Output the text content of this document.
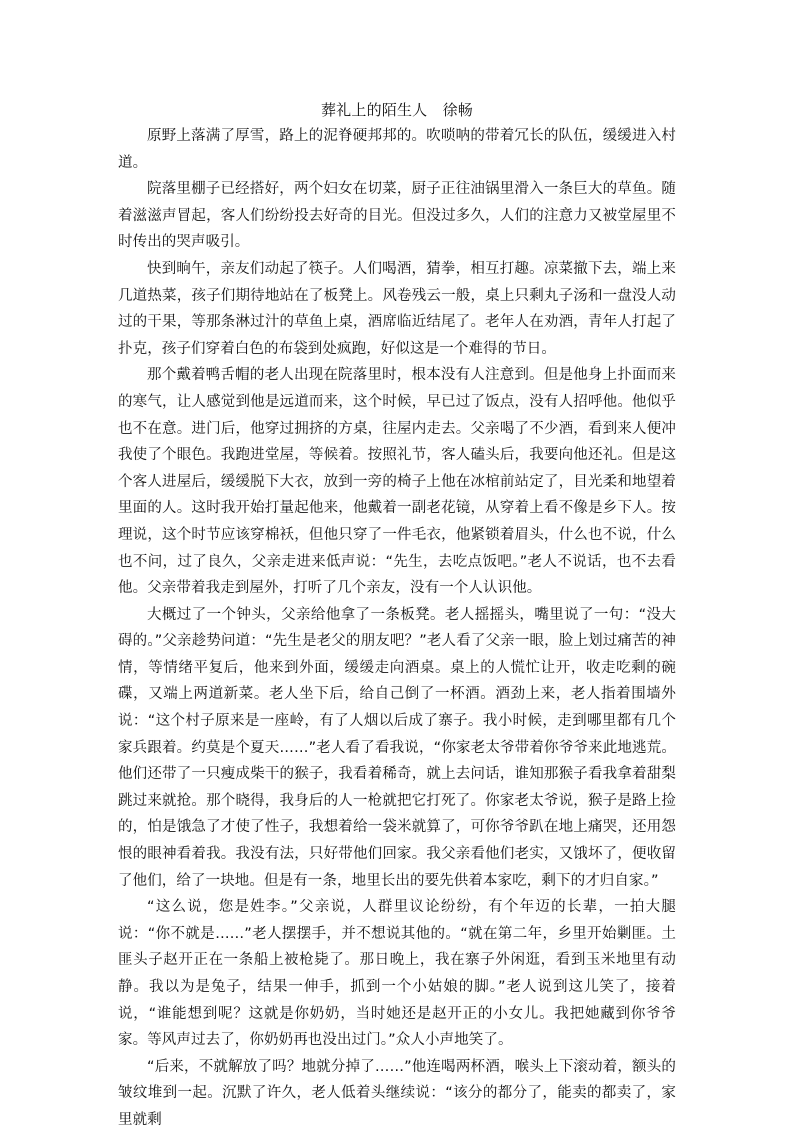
葬礼上的陌生人　徐畅

原野上落满了厚雪，路上的泥脊硬邦邦的。吹唢呐的带着冗长的队伍，缓缓进入村道。

院落里棚子已经搭好，两个妇女在切菜，厨子正往油锅里滑入一条巨大的草鱼。随着滋滋声冒起，客人们纷纷投去好奇的目光。但没过多久，人们的注意力又被堂屋里不时传出的哭声吸引。

快到晌午，亲友们动起了筷子。人们喝酒，猜拳，相互打趣。凉菜撤下去，端上来几道热菜，孩子们期待地站在了板凳上。风卷残云一般，桌上只剩丸子汤和一盘没人动过的干果，等那条淋过汁的草鱼上桌，酒席临近结尾了。老年人在劝酒，青年人打起了扑克，孩子们穿着白色的布袋到处疯跑，好似这是一个难得的节日。

那个戴着鸭舌帽的老人出现在院落里时，根本没有人注意到。但是他身上扑面而来的寒气，让人感觉到他是远道而来，这个时候，早已过了饭点，没有人招呼他。他似乎也不在意。进门后，他穿过拥挤的方桌，往屋内走去。父亲喝了不少酒，看到来人便冲我使了个眼色。我跑进堂屋，等候着。按照礼节，客人磕头后，我要向他还礼。但是这个客人进屋后，缓缓脱下大衣，放到一旁的椅子上他在冰棺前站定了，目光柔和地望着里面的人。这时我开始打量起他来，他戴着一副老花镜，从穿着上看不像是乡下人。按理说，这个时节应该穿棉袄，但他只穿了一件毛衣，他紧锁着眉头，什么也不说，什么也不问，过了良久，父亲走进来低声说：“先生，去吃点饭吧。”老人不说话，也不去看他。父亲带着我走到屋外，打听了几个亲友，没有一个人认识他。

大概过了一个钟头，父亲给他拿了一条板凳。老人摇摇头，嘴里说了一句：“没大碍的。”父亲趁势问道：“先生是老父的朋友吧？”老人看了父亲一眼，脸上划过痛苦的神情，等情绪平复后，他来到外面，缓缓走向酒桌。桌上的人慌忙让开，收走吃剩的碗碟，又端上两道新菜。老人坐下后，给自己倒了一杯酒。酒劲上来，老人指着围墙外说：“这个村子原来是一座岭，有了人烟以后成了寨子。我小时候，走到哪里都有几个家兵跟着。约莫是个夏天……”老人看了看我说，“你家老太爷带着你爷爷来此地逃荒。他们还带了一只瘦成柴干的猴子，我看着稀奇，就上去问话，谁知那猴子看我拿着甜梨跳过来就抢。那个晓得，我身后的人一枪就把它打死了。你家老太爷说，猴子是路上捡的，怕是饿急了才使了性子，我想着给一袋米就算了，可你爷爷趴在地上痛哭，还用怨恨的眼神看着我。我没有法，只好带他们回家。我父亲看他们老实，又饿坏了，便收留了他们，给了一块地。但是有一条，地里长出的要先供着本家吃，剩下的才归自家。”

“这么说，您是姓李。”父亲说，人群里议论纷纷，有个年迈的长辈，一拍大腿说：“你不就是……”老人摆摆手，并不想说其他的。“就在第二年，乡里开始剿匪。土匪头子赵开正在一条船上被枪毙了。那日晚上，我在寨子外闲逛，看到玉米地里有动静。我以为是兔子，结果一伸手，抓到一个小姑娘的脚。”老人说到这儿笑了，接着说，“谁能想到呢？这就是你奶奶，当时她还是赵开正的小女儿。我把她藏到你爷爷家。等风声过去了，你奶奶再也没出过门。”众人小声地笑了。

“后来，不就解放了吗？地就分掉了……”他连喝两杯酒，喉头上下滚动着，额头的皱纹堆到一起。沉默了许久，老人低着头继续说：“该分的都分了，能卖的都卖了，家里就剩
